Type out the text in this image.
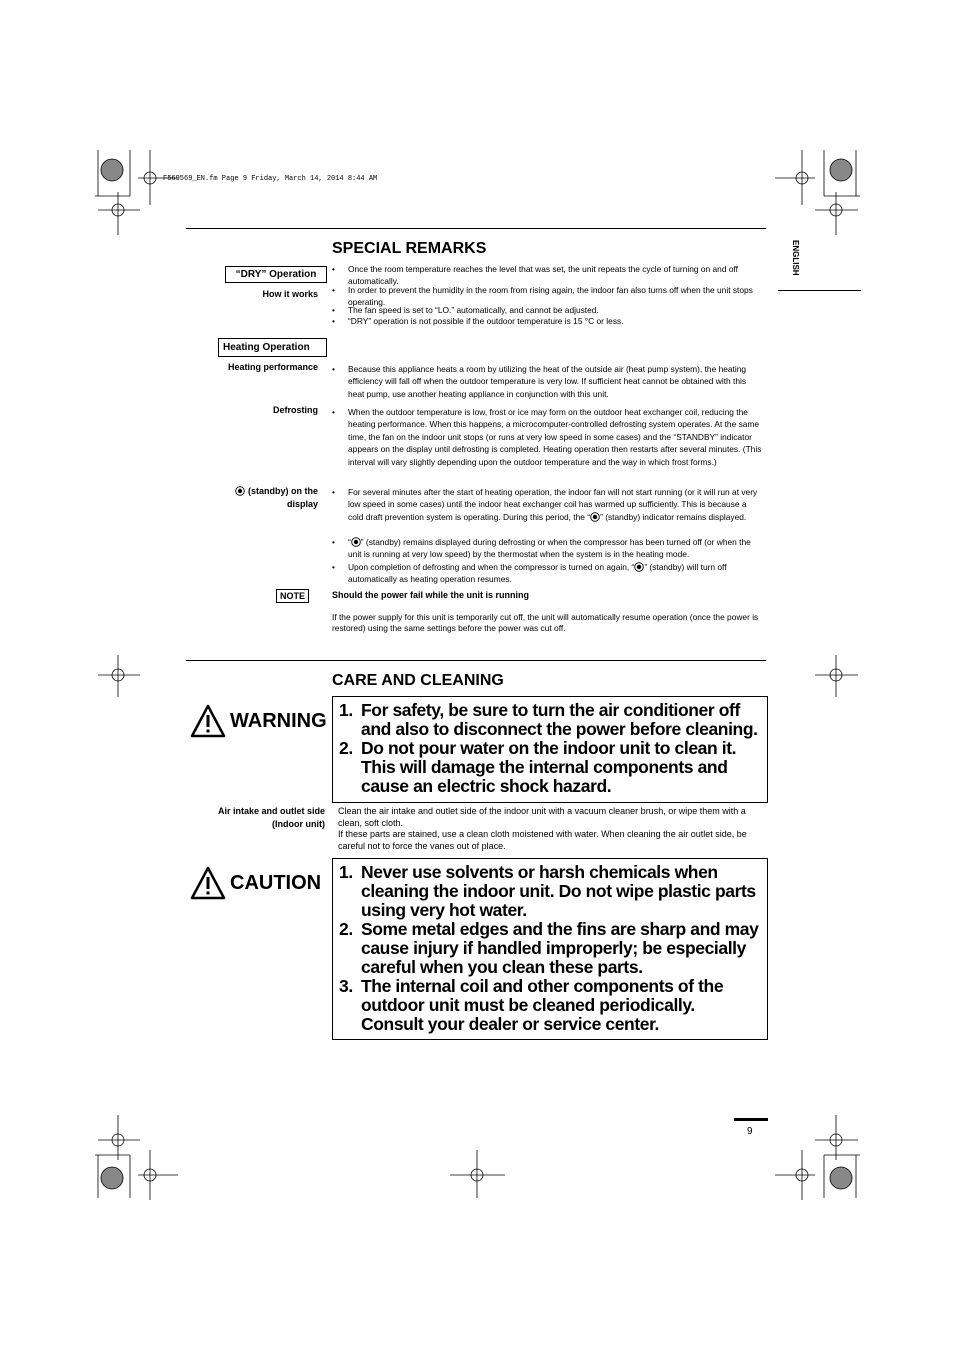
F569569_EN.fm Page 9 Friday, March 14, 2014 8:44 AM
ENGLISH
SPECIAL REMARKS
“DRY” Operation
How it works
• Once the room temperature reaches the level that was set, the unit repeats the cycle of turning on and off automatically.
• In order to prevent the humidity in the room from rising again, the indoor fan also turns off when the unit stops operating.
• The fan speed is set to “LO.” automatically, and cannot be adjusted.
• “DRY” operation is not possible if the outdoor temperature is 15 °C or less.
Heating Operation
Heating performance • Because this appliance heats a room by utilizing the heat of the outside air (heat pump system), the heating efficiency will fall off when the outdoor temperature is very low. If sufficient heat cannot be obtained with this heat pump, use another heating appliance in conjunction with this unit.
Defrosting • When the outdoor temperature is low, frost or ice may form on the outdoor heat exchanger coil, reducing the heating performance. When this happens, a microcomputer-controlled defrosting system operates. At the same time, the fan on the indoor unit stops (or runs at very low speed in some cases) and the “STANDBY” indicator appears on the display until defrosting is completed. Heating operation then restarts after several minutes. (This interval will vary slightly depending upon the outdoor temperature and the way in which frost forms.)
(standby) on the
display
• For several minutes after the start of heating operation, the indoor fan will not start running (or it will run at very low speed in some cases) until the indoor heat exchanger coil has warmed up sufficiently. This is because a cold draft prevention system is operating. During this period, the “ ” (standby) indicator remains displayed.
• “ ” (standby) remains displayed during defrosting or when the compressor has been turned off (or when the unit is running at very low speed) by the thermostat when the system is in the heating mode.
• Upon completion of defrosting and when the compressor is turned on again, “ ” (standby) will turn off automatically as heating operation resumes.
NOTE	Should the power fail while the unit is running
If the power supply for this unit is temporarily cut off, the unit will automatically resume operation (once the power is restored) using the same settings before the power was cut off.
CARE AND CLEANING
WARNING 1. For safety, be sure to turn the air conditioner off and also to disconnect the power before cleaning.
2. Do not pour water on the indoor unit to clean it. This will damage the internal components and cause an electric shock hazard.
Air intake and outlet side
(Indoor unit)
Clean the air intake and outlet side of the indoor unit with a vacuum cleaner brush, or wipe them with a clean, soft cloth.
If these parts are stained, use a clean cloth moistened with water. When cleaning the air outlet side, be careful not to force the vanes out of place.
CAUTION 1. Never use solvents or harsh chemicals when cleaning the indoor unit. Do not wipe plastic parts using very hot water.
2. Some metal edges and the fins are sharp and may cause injury if handled improperly; be especially careful when you clean these parts.
3. The internal coil and other components of the outdoor unit must be cleaned periodically. Consult your dealer or service center.
9
